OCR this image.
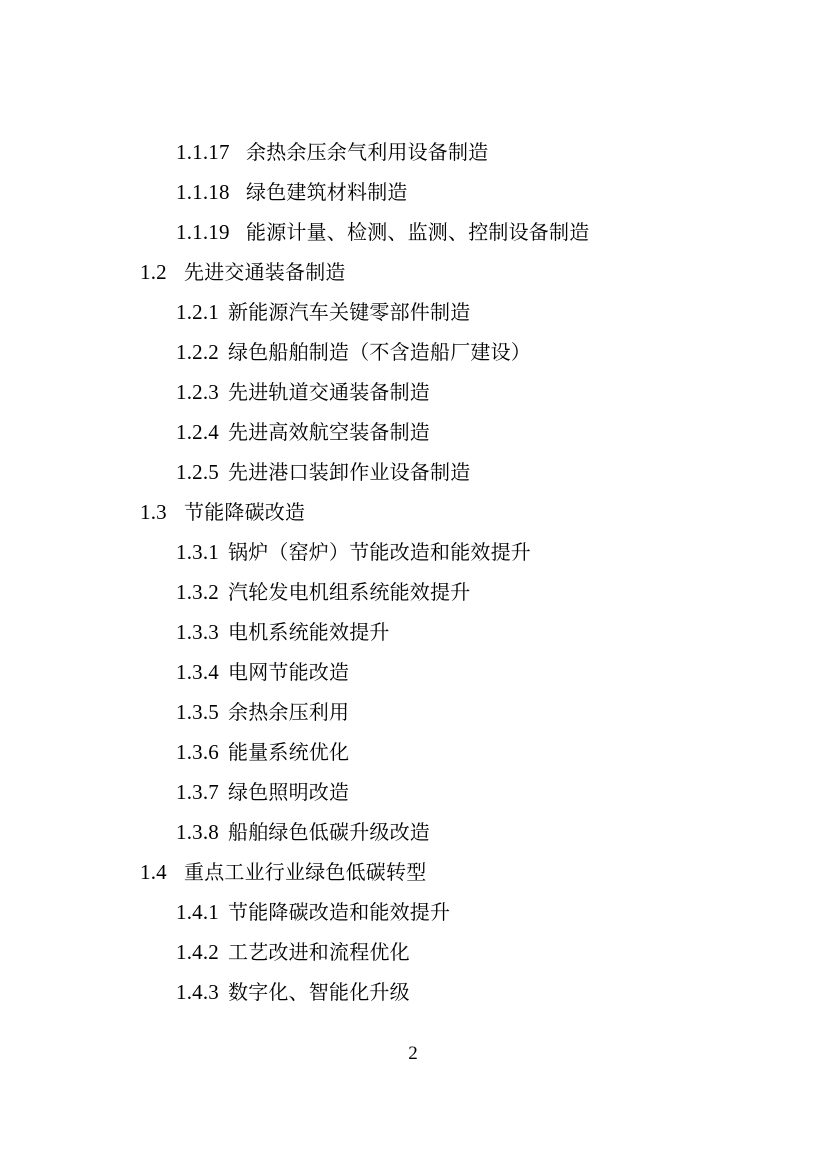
1.1.17 余热余压余气利用设备制造
1.1.18 绿色建筑材料制造
1.1.19 能源计量、检测、监测、控制设备制造
1.2 先进交通装备制造
1.2.1 新能源汽车关键零部件制造
1.2.2 绿色船舶制造（不含造船厂建设）
1.2.3 先进轨道交通装备制造
1.2.4 先进高效航空装备制造
1.2.5 先进港口装卸作业设备制造
1.3 节能降碳改造
1.3.1 锅炉（窑炉）节能改造和能效提升
1.3.2 汽轮发电机组系统能效提升
1.3.3 电机系统能效提升
1.3.4 电网节能改造
1.3.5 余热余压利用
1.3.6 能量系统优化
1.3.7 绿色照明改造
1.3.8 船舶绿色低碳升级改造
1.4 重点工业行业绿色低碳转型
1.4.1 节能降碳改造和能效提升
1.4.2 工艺改进和流程优化
1.4.3 数字化、智能化升级
2
